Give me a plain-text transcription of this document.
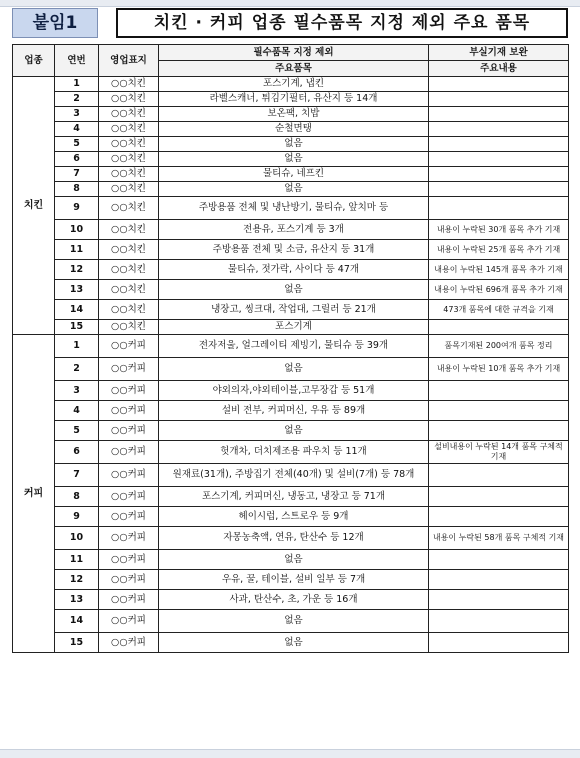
붙임1	치킨 · 커피 업종 필수품목 지정 제외 주요 품목
업종	연번	영업표지	필수품목 지정 제외	부실기재 보완
			주요품목	주요내용
치킨	1	○○치킨	포스기계, 냅킨	
	2	○○치킨	라벨스캐너, 튀김기필터, 유산지 등 14개	
	3	○○치킨	보온팩, 치밥	
	4	○○치킨	순철면탱	
	5	○○치킨	없음	
	6	○○치킨	없음	
	7	○○치킨	물티슈, 네프킨	
	8	○○치킨	없음	
	9	○○치킨	주방용품 전체 및 냉난방기, 물티슈, 앞치마 등	
	10	○○치킨	전용유, 포스기계 등 3개	내용이 누락된 30개 품목 추가 기재
	11	○○치킨	주방용품 전체 및 소금, 유산지 등 31개	내용이 누락된 25개 품목 추가 기재
	12	○○치킨	물티슈, 젓가락, 사이다 등 47개	내용이 누락된 145개 품목 추가 기재
	13	○○치킨	없음	내용이 누락된 696개 품목 추가 기재
	14	○○치킨	냉장고, 씽크대, 작업대, 그릴러 등 21개	473개 품목에 대한 규격을 기재
	15	○○치킨	포스기계	
커피	1	○○커피	전자저울, 얼그레이티 제빙기, 물티슈 등 39개	품목기재된 200여개 품목 정리
	2	○○커피	없음	내용이 누락된 10개 품목 추가 기재
	3	○○커피	야외의자,야외테이블,고무장갑 등 51개	
	4	○○커피	설비 전부, 커피머신, 우유 등 89개	
	5	○○커피	없음	
	6	○○커피	헛개차, 더치제조용 파우치 등 11개	설비내용이 누락된 14개 품목 구체적 기재
	7	○○커피	원재료(31개), 주방집기 전체(40개) 및 설비(7개) 등 78개	
	8	○○커피	포스기계, 커피머신, 냉동고, 냉장고 등 71개	
	9	○○커피	헤이시럽, 스트로우 등 9개	
	10	○○커피	자몽농축액, 연유, 탄산수 등 12개	내용이 누락된 58개 품목 구체적 기재
	11	○○커피	없음	
	12	○○커피	우유, 꿀, 테이블, 설비 일부 등 7개	
	13	○○커피	사과, 탄산수, 초, 가운 등 16개	
	14	○○커피	없음	
	15	○○커피	없음	
